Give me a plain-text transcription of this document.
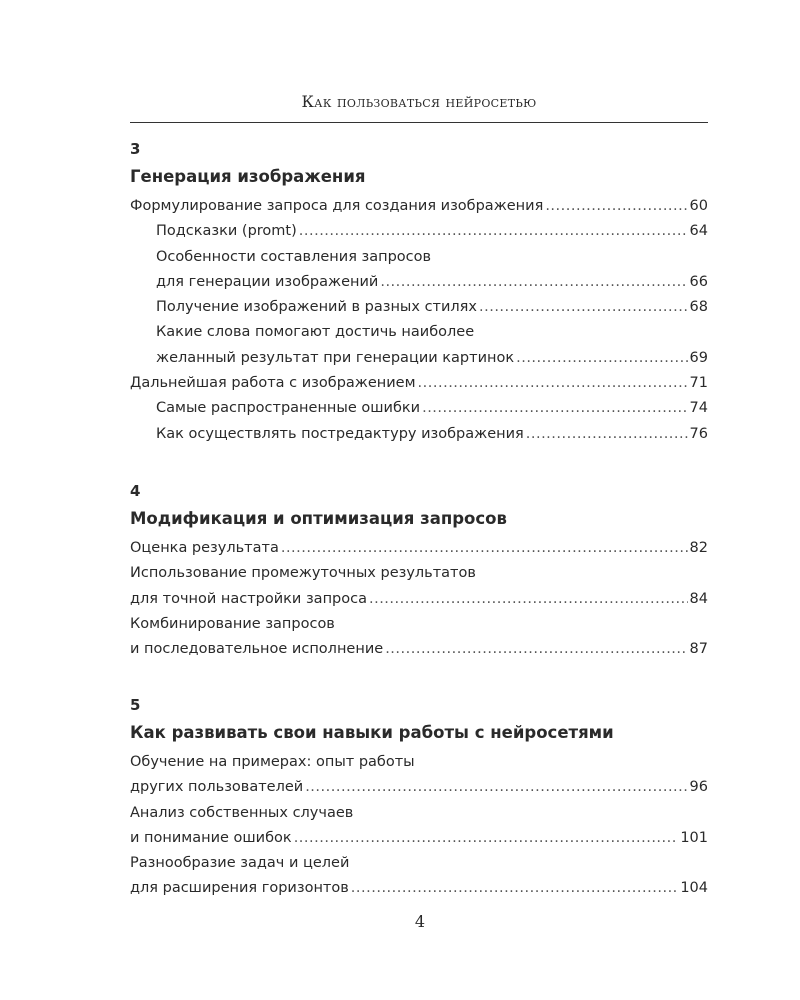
Как пользоваться нейросетью
3
Генерация изображения
Формулирование запроса для создания изображения .....	60
Подсказки (promt) .....	64
Особенности составления запросов
для генерации изображений .....	66
Получение изображений в разных стилях .....	68
Какие слова помогают достичь наиболее
желанный результат при генерации картинок .....	69
Дальнейшая работа с изображением .....	71
Самые распространенные ошибки .....	74
Как осуществлять постредактуру изображения .....	76
4
Модификация и оптимизация запросов
Оценка результата .....	82
Использование промежуточных результатов
для точной настройки запроса .....	84
Комбинирование запросов
и последовательное исполнение .....	87
5
Как развивать свои навыки работы с нейросетями
Обучение на примерах: опыт работы
других пользователей .....	96
Анализ собственных случаев
и понимание ошибок .....	101
Разнообразие задач и целей
для расширения горизонтов .....	104
4
